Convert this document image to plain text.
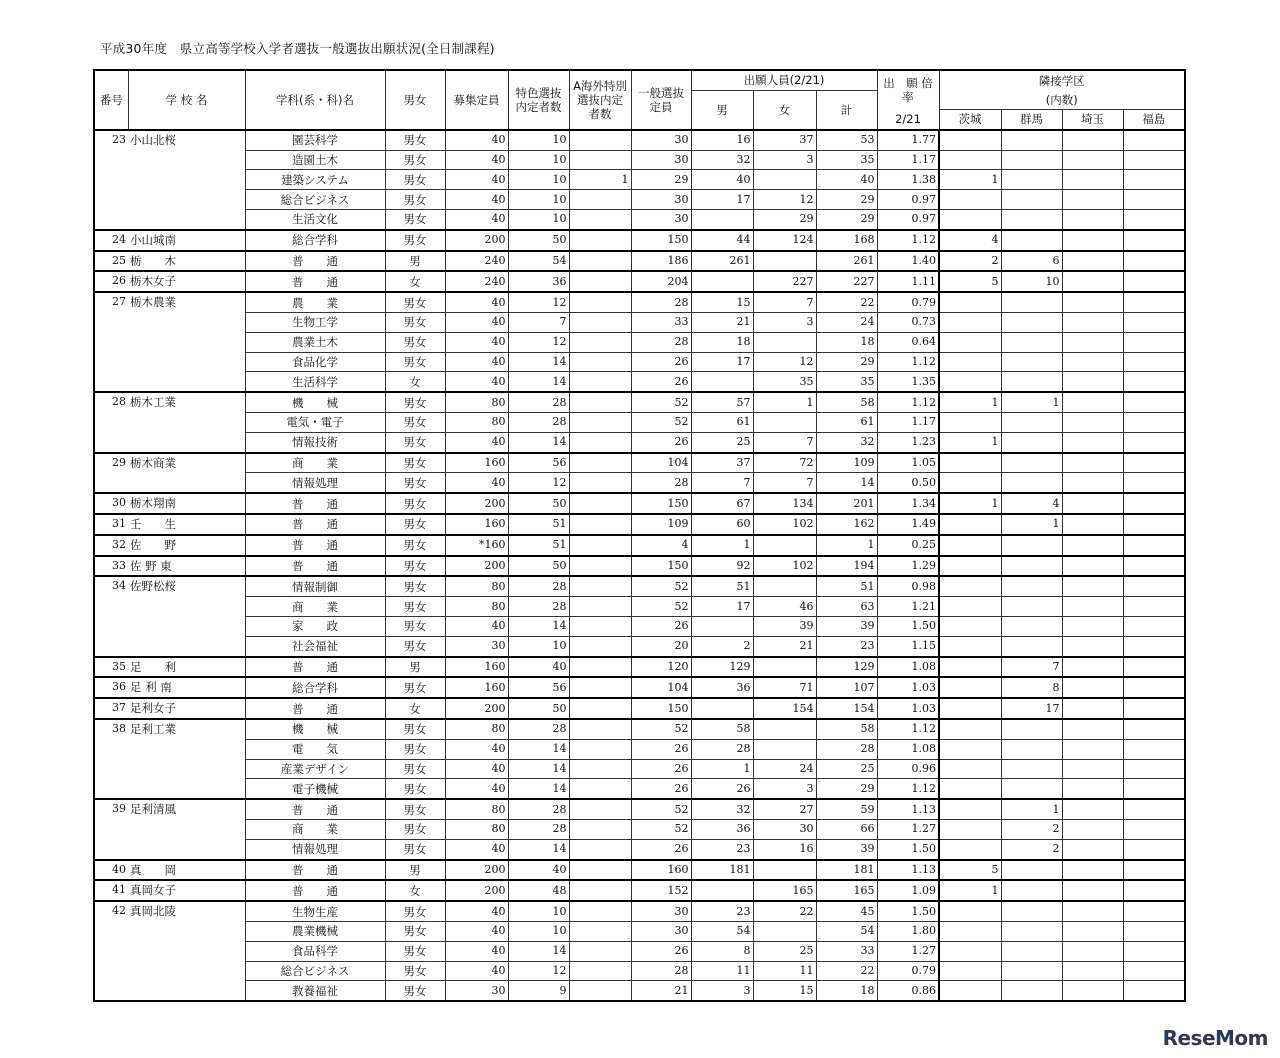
平成30年度　県立高等学校入学者選抜一般選抜出願状況(全日制課程)
番号	学 校 名	学科(系・科)名	男女	募集定員	特色選抜内定者数	A海外特別選抜内定者数	一般選抜定員	出願人員(2/21)			出　願 倍　率	隣接学区			
								男	女	計		(内数)			
											2/21	茨城	群馬	埼玉	福島
23	小山北桜	園芸科学	男女	40	10		30	16	37	53	1.77				
		造園土木	男女	40	10		30	32	3	35	1.17				
		建築システム	男女	40	10	1	29	40		40	1.38	1			
		総合ビジネス	男女	40	10		30	17	12	29	0.97				
		生活文化	男女	40	10		30		29	29	0.97				
24	小山城南	総合学科	男女	200	50		150	44	124	168	1.12	4			
25	栃　　木	普　　通	男	240	54		186	261		261	1.40	2	6		
26	栃木女子	普　　通	女	240	36		204		227	227	1.11	5	10		
27	栃木農業	農　　業	男女	40	12		28	15	7	22	0.79				
		生物工学	男女	40	7		33	21	3	24	0.73				
		農業土木	男女	40	12		28	18		18	0.64				
		食品化学	男女	40	14		26	17	12	29	1.12				
		生活科学	女	40	14		26		35	35	1.35				
28	栃木工業	機　　械	男女	80	28		52	57	1	58	1.12	1	1		
		電気・電子	男女	80	28		52	61		61	1.17				
		情報技術	男女	40	14		26	25	7	32	1.23	1			
29	栃木商業	商　　業	男女	160	56		104	37	72	109	1.05				
		情報処理	男女	40	12		28	7	7	14	0.50				
30	栃木翔南	普　　通	男女	200	50		150	67	134	201	1.34	1	4		
31	壬　　生	普　　通	男女	160	51		109	60	102	162	1.49		1		
32	佐　　野	普　　通	男女	*160	51		4	1		1	0.25				
33	佐 野 東	普　　通	男女	200	50		150	92	102	194	1.29				
34	佐野松桜	情報制御	男女	80	28		52	51		51	0.98				
		商　　業	男女	80	28		52	17	46	63	1.21				
		家　　政	男女	40	14		26		39	39	1.50				
		社会福祉	男女	30	10		20	2	21	23	1.15				
35	足　　利	普　　通	男	160	40		120	129		129	1.08		7		
36	足 利 南	総合学科	男女	160	56		104	36	71	107	1.03		8		
37	足利女子	普　　通	女	200	50		150		154	154	1.03		17		
38	足利工業	機　　械	男女	80	28		52	58		58	1.12				
		電　　気	男女	40	14		26	28		28	1.08				
		産業デザイン	男女	40	14		26	1	24	25	0.96				
		電子機械	男女	40	14		26	26	3	29	1.12				
39	足利清風	普　　通	男女	80	28		52	32	27	59	1.13		1		
		商　　業	男女	80	28		52	36	30	66	1.27		2		
		情報処理	男女	40	14		26	23	16	39	1.50		2		
40	真　　岡	普　　通	男	200	40		160	181		181	1.13	5			
41	真岡女子	普　　通	女	200	48		152		165	165	1.09	1			
42	真岡北陵	生物生産	男女	40	10		30	23	22	45	1.50				
		農業機械	男女	40	10		30	54		54	1.80				
		食品科学	男女	40	14		26	8	25	33	1.27				
		総合ビジネス	男女	40	12		28	11	11	22	0.79				
		教養福祉	男女	30	9		21	3	15	18	0.86				
ReseMom
